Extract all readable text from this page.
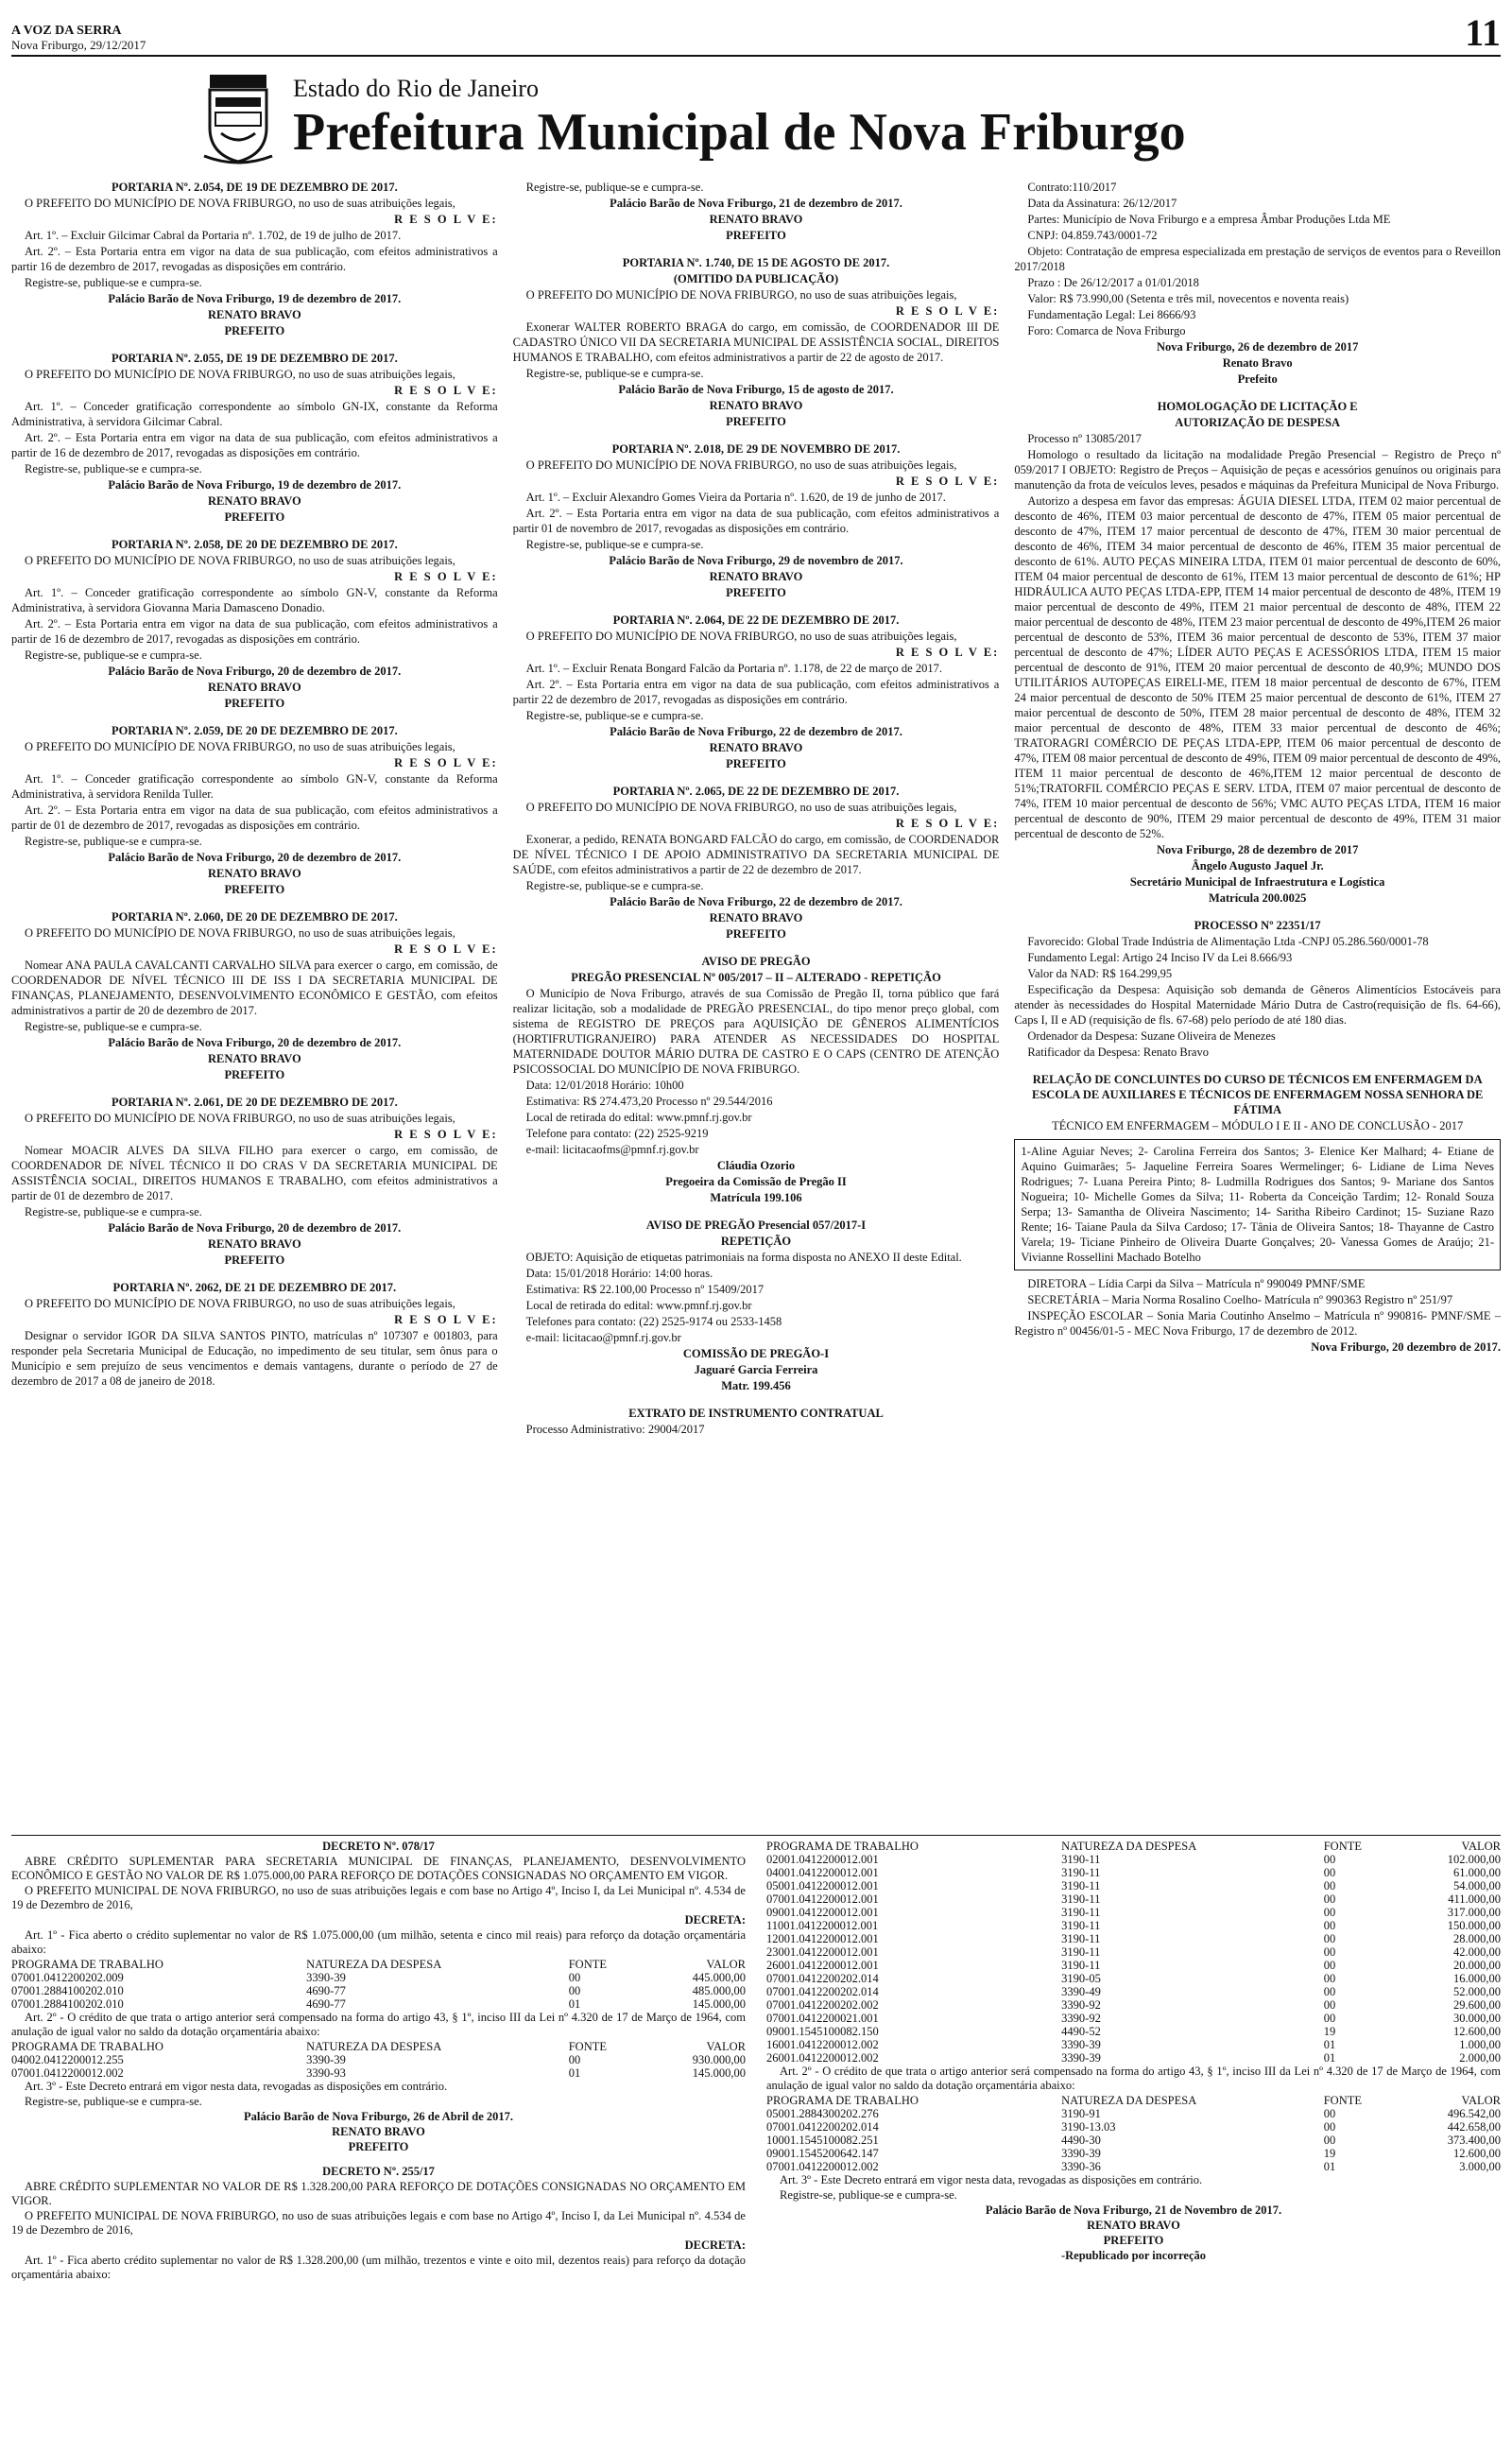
A VOZ DA SERRA
Nova Friburgo, 29/12/2017	11
Estado do Rio de Janeiro
Prefeitura Municipal de Nova Friburgo

PORTARIA Nº. 2.054, DE 19 DE DEZEMBRO DE 2017.

O PREFEITO DO MUNICÍPIO DE NOVA FRIBURGO, no uso de suas atribuições legais,

R E S O L V E:

Art. 1º. – Excluir Gilcimar Cabral da Portaria nº. 1.702, de 19 de julho de 2017.

Art. 2º. – Esta Portaria entra em vigor na data de sua publicação, com efeitos administrativos a partir 16 de dezembro de 2017, revogadas as disposições em contrário.

Registre-se, publique-se e cumpra-se.

Palácio Barão de Nova Friburgo, 19 de dezembro de 2017.

RENATO BRAVO

PREFEITO

PORTARIA Nº. 2.055, DE 19 DE DEZEMBRO DE 2017.

O PREFEITO DO MUNICÍPIO DE NOVA FRIBURGO, no uso de suas atribuições legais,

R E S O L V E:

Art. 1º. – Conceder gratificação correspondente ao símbolo GN-IX, constante da Reforma Administrativa, à servidora Gilcimar Cabral.

Art. 2º. – Esta Portaria entra em vigor na data de sua publicação, com efeitos administrativos a partir de 16 de dezembro de 2017, revogadas as disposições em contrário.

Registre-se, publique-se e cumpra-se.

Palácio Barão de Nova Friburgo, 19 de dezembro de 2017.

RENATO BRAVO

PREFEITO

PORTARIA Nº. 2.058, DE 20 DE DEZEMBRO DE 2017.

O PREFEITO DO MUNICÍPIO DE NOVA FRIBURGO, no uso de suas atribuições legais,

R E S O L V E:

Art. 1º. – Conceder gratificação correspondente ao símbolo GN-V, constante da Reforma Administrativa, à servidora Giovanna Maria Damasceno Donadio.

Art. 2º. – Esta Portaria entra em vigor na data de sua publicação, com efeitos administrativos a partir de 16 de dezembro de 2017, revogadas as disposições em contrário.

Registre-se, publique-se e cumpra-se.

Palácio Barão de Nova Friburgo, 20 de dezembro de 2017.

RENATO BRAVO

PREFEITO

PORTARIA Nº. 2.059, DE 20 DE DEZEMBRO DE 2017.

O PREFEITO DO MUNICÍPIO DE NOVA FRIBURGO, no uso de suas atribuições legais,

R E S O L V E:

Art. 1º. – Conceder gratificação correspondente ao símbolo GN-V, constante da Reforma Administrativa, à servidora Renilda Tuller.

Art. 2º. – Esta Portaria entra em vigor na data de sua publicação, com efeitos administrativos a partir de 01 de dezembro de 2017, revogadas as disposições em contrário.

Registre-se, publique-se e cumpra-se.

Palácio Barão de Nova Friburgo, 20 de dezembro de 2017.

RENATO BRAVO

PREFEITO

PORTARIA Nº. 2.060, DE 20 DE DEZEMBRO DE 2017.

O PREFEITO DO MUNICÍPIO DE NOVA FRIBURGO, no uso de suas atribuições legais,

R E S O L V E:

Nomear ANA PAULA CAVALCANTI CARVALHO SILVA para exercer o cargo, em comissão, de COORDENADOR DE NÍVEL TÉCNICO III DE ISS I DA SECRETARIA MUNICIPAL DE FINANÇAS, PLANEJAMENTO, DESENVOLVIMENTO ECONÔMICO E GESTÃO, com efeitos administrativos a partir de 20 de dezembro de 2017.

Registre-se, publique-se e cumpra-se.

Palácio Barão de Nova Friburgo, 20 de dezembro de 2017.

RENATO BRAVO

PREFEITO

PORTARIA Nº. 2.061, DE 20 DE DEZEMBRO DE 2017.

O PREFEITO DO MUNICÍPIO DE NOVA FRIBURGO, no uso de suas atribuições legais,

R E S O L V E:

Nomear MOACIR ALVES DA SILVA FILHO para exercer o cargo, em comissão, de COORDENADOR DE NÍVEL TÉCNICO II DO CRAS V DA SECRETARIA MUNICIPAL DE ASSISTÊNCIA SOCIAL, DIREITOS HUMANOS E TRABALHO, com efeitos administrativos a partir de 01 de dezembro de 2017.

Registre-se, publique-se e cumpra-se.

Palácio Barão de Nova Friburgo, 20 de dezembro de 2017.

RENATO BRAVO

PREFEITO

PORTARIA Nº. 2062, DE 21 DE DEZEMBRO DE 2017.

O PREFEITO DO MUNICÍPIO DE NOVA FRIBURGO, no uso de suas atribuições legais,

R E S O L V E:

Designar o servidor IGOR DA SILVA SANTOS PINTO, matrículas nº 107307 e 001803, para responder pela Secretaria Municipal de Educação, no impedimento de seu titular, sem ônus para o Município e sem prejuízo de seus vencimentos e demais vantagens, durante o período de 27 de dezembro de 2017 a 08 de janeiro de 2018.

Registre-se, publique-se e cumpra-se.

Palácio Barão de Nova Friburgo, 21 de dezembro de 2017.

RENATO BRAVO

PREFEITO

PORTARIA Nº. 1.740, DE 15 DE AGOSTO DE 2017.

(OMITIDO DA PUBLICAÇÃO)

O PREFEITO DO MUNICÍPIO DE NOVA FRIBURGO, no uso de suas atribuições legais,

R E S O L V E:

Exonerar WALTER ROBERTO BRAGA do cargo, em comissão, de COORDENADOR III DE CADASTRO ÚNICO VII DA SECRETARIA MUNICIPAL DE ASSISTÊNCIA SOCIAL, DIREITOS HUMANOS E TRABALHO, com efeitos administrativos a partir de 22 de agosto de 2017.

Registre-se, publique-se e cumpra-se.

Palácio Barão de Nova Friburgo, 15 de agosto de 2017.

RENATO BRAVO

PREFEITO

PORTARIA Nº. 2.018, DE 29 DE NOVEMBRO DE 2017.

O PREFEITO DO MUNICÍPIO DE NOVA FRIBURGO, no uso de suas atribuições legais,

R E S O L V E:

Art. 1º. – Excluir Alexandro Gomes Vieira da Portaria nº. 1.620, de 19 de junho de 2017.

Art. 2º. – Esta Portaria entra em vigor na data de sua publicação, com efeitos administrativos a partir 01 de novembro de 2017, revogadas as disposições em contrário.

Registre-se, publique-se e cumpra-se.

Palácio Barão de Nova Friburgo, 29 de novembro de 2017.

RENATO BRAVO

PREFEITO

PORTARIA Nº. 2.064, DE 22 DE DEZEMBRO DE 2017.

O PREFEITO DO MUNICÍPIO DE NOVA FRIBURGO, no uso de suas atribuições legais,

R E S O L V E:

Art. 1º. – Excluir Renata Bongard Falcão da Portaria nº. 1.178, de 22 de março de 2017.

Art. 2º. – Esta Portaria entra em vigor na data de sua publicação, com efeitos administrativos a partir 22 de dezembro de 2017, revogadas as disposições em contrário.

Registre-se, publique-se e cumpra-se.

Palácio Barão de Nova Friburgo, 22 de dezembro de 2017.

RENATO BRAVO

PREFEITO

PORTARIA Nº. 2.065, DE 22 DE DEZEMBRO DE 2017.

O PREFEITO DO MUNICÍPIO DE NOVA FRIBURGO, no uso de suas atribuições legais,

R E S O L V E:

Exonerar, a pedido, RENATA BONGARD FALCÃO do cargo, em comissão, de COORDENADOR DE NÍVEL TÉCNICO I DE APOIO ADMINISTRATIVO DA SECRETARIA MUNICIPAL DE SAÚDE, com efeitos administrativos a partir de 22 de dezembro de 2017.

Registre-se, publique-se e cumpra-se.

Palácio Barão de Nova Friburgo, 22 de dezembro de 2017.

RENATO BRAVO

PREFEITO

AVISO DE PREGÃO

PREGÃO PRESENCIAL Nº 005/2017 – II – ALTERADO - REPETIÇÃO

O Município de Nova Friburgo, através de sua Comissão de Pregão II, torna público que fará realizar licitação, sob a modalidade de PREGÃO PRESENCIAL, do tipo menor preço global, com sistema de REGISTRO DE PREÇOS para AQUISIÇÃO DE GÊNEROS ALIMENTÍCIOS (HORTIFRUTIGRANJEIRO) PARA ATENDER AS NECESSIDADES DO HOSPITAL MATERNIDADE DOUTOR MÁRIO DUTRA DE CASTRO E O CAPS (CENTRO DE ATENÇÃO PSICOSSOCIAL DO MUNICÍPIO DE NOVA FRIBURGO.

Data: 12/01/2018 Horário: 10h00

Estimativa: R$ 274.473,20 Processo nº 29.544/2016

Local de retirada do edital: www.pmnf.rj.gov.br

Telefone para contato: (22) 2525-9219

e-mail: licitacaofms@pmnf.rj.gov.br

Cláudia Ozorio

Pregoeira da Comissão de Pregão II

Matrícula 199.106

AVISO DE PREGÃO Presencial 057/2017-I

REPETIÇÃO

OBJETO: Aquisição de etiquetas patrimoniais na forma disposta no ANEXO II deste Edital.

Data: 15/01/2018 Horário: 14:00 horas.

Estimativa: R$ 22.100,00 Processo nº 15409/2017

Local de retirada do edital: www.pmnf.rj.gov.br

Telefones para contato: (22) 2525-9174 ou 2533-1458

e-mail: licitacao@pmnf.rj.gov.br

COMISSÃO DE PREGÃO-I

Jaguaré Garcia Ferreira

Matr. 199.456

EXTRATO DE INSTRUMENTO CONTRATUAL

Processo Administrativo: 29004/2017

Contrato:110/2017

Data da Assinatura: 26/12/2017

Partes: Município de Nova Friburgo e a empresa Âmbar Produções Ltda ME

CNPJ: 04.859.743/0001-72

Objeto: Contratação de empresa especializada em prestação de serviços de eventos para o Reveillon 2017/2018

Prazo : De 26/12/2017 a 01/01/2018

Valor: R$ 73.990,00 (Setenta e três mil, novecentos e noventa reais)

Fundamentação Legal: Lei 8666/93

Foro: Comarca de Nova Friburgo

Nova Friburgo, 26 de dezembro de 2017

Renato Bravo

Prefeito

HOMOLOGAÇÃO DE LICITAÇÃO E

AUTORIZAÇÃO DE DESPESA

Processo nº 13085/2017

Homologo o resultado da licitação na modalidade Pregão Presencial – Registro de Preço nº 059/2017 I OBJETO: Registro de Preços – Aquisição de peças e acessórios genuínos ou originais para manutenção da frota de veículos leves, pesados e máquinas da Prefeitura Municipal de Nova Friburgo.

Autorizo a despesa em favor das empresas: ÁGUIA DIESEL LTDA, ITEM 02 maior percentual de desconto de 46%, ITEM 03 maior percentual de desconto de 47%, ITEM 05 maior percentual de desconto de 47%, ITEM 17 maior percentual de desconto de 47%, ITEM 30 maior percentual de desconto de 46%, ITEM 34 maior percentual de desconto de 46%, ITEM 35 maior percentual de desconto de 61%. AUTO PEÇAS MINEIRA LTDA, ITEM 01 maior percentual de desconto de 60%, ITEM 04 maior percentual de desconto de 61%, ITEM 13 maior percentual de desconto de 61%; HP HIDRÁULICA AUTO PEÇAS LTDA-EPP, ITEM 14 maior percentual de desconto de 48%, ITEM 19 maior percentual de desconto de 49%, ITEM 21 maior percentual de desconto de 48%, ITEM 22 maior percentual de desconto de 48%, ITEM 23 maior percentual de desconto de 49%,ITEM 26 maior percentual de desconto de 53%, ITEM 36 maior percentual de desconto de 53%, ITEM 37 maior percentual de desconto de 47%; LÍDER AUTO PEÇAS E ACESSÓRIOS LTDA, ITEM 15 maior percentual de desconto de 91%, ITEM 20 maior percentual de desconto de 40,9%; MUNDO DOS UTILITÁRIOS AUTOPEÇAS EIRELI-ME, ITEM 18 maior percentual de desconto de 67%, ITEM 24 maior percentual de desconto de 50% ITEM 25 maior percentual de desconto de 61%, ITEM 27 maior percentual de desconto de 50%, ITEM 28 maior percentual de desconto de 48%, ITEM 32 maior percentual de desconto de 48%, ITEM 33 maior percentual de desconto de 46%; TRATORAGRI COMÉRCIO DE PEÇAS LTDA-EPP, ITEM 06 maior percentual de desconto de 47%, ITEM 08 maior percentual de desconto de 49%, ITEM 09 maior percentual de desconto de 49%, ITEM 11 maior percentual de desconto de 46%,ITEM 12 maior percentual de desconto de 51%;TRATORFIL COMÉRCIO PEÇAS E SERV. LTDA, ITEM 07 maior percentual de desconto de 74%, ITEM 10 maior percentual de desconto de 56%; VMC AUTO PEÇAS LTDA, ITEM 16 maior percentual de desconto de 90%, ITEM 29 maior percentual de desconto de 49%, ITEM 31 maior percentual de desconto de 52%.

Nova Friburgo, 28 de dezembro de 2017

Ângelo Augusto Jaquel Jr.

Secretário Municipal de Infraestrutura e Logística

Matrícula 200.0025

PROCESSO Nº 22351/17

Favorecido: Global Trade Indústria de Alimentação Ltda -CNPJ 05.286.560/0001-78

Fundamento Legal: Artigo 24 Inciso IV da Lei 8.666/93

Valor da NAD: R$ 164.299,95

Especificação da Despesa: Aquisição sob demanda de Gêneros Alimentícios Estocáveis para atender às necessidades do Hospital Maternidade Mário Dutra de Castro(requisição de fls. 64-66), Caps I, II e AD (requisição de fls. 67-68) pelo período de até 180 dias.

Ordenador da Despesa: Suzane Oliveira de Menezes

Ratificador da Despesa: Renato Bravo

RELAÇÃO DE CONCLUINTES DO CURSO DE TÉCNICOS EM ENFERMAGEM DA ESCOLA DE AUXILIARES E TÉCNICOS DE ENFERMAGEM NOSSA SENHORA DE FÁTIMA

TÉCNICO EM ENFERMAGEM – MÓDULO I E II - ANO DE CONCLUSÃO - 2017

1-Aline Aguiar Neves; 2- Carolina Ferreira dos Santos; 3- Elenice Ker Malhard; 4- Etiane de Aquino Guimarães; 5- Jaqueline Ferreira Soares Wermelinger; 6- Lidiane de Lima Neves Rodrigues; 7- Luana Pereira Pinto; 8- Ludmilla Rodrigues dos Santos; 9- Mariane dos Santos Nogueira; 10- Michelle Gomes da Silva; 11- Roberta da Conceição Tardim; 12- Ronald Souza Serpa; 13- Samantha de Oliveira Nascimento; 14- Saritha Ribeiro Cardinot; 15- Suziane Razo Rente; 16- Taiane Paula da Silva Cardoso; 17- Tânia de Oliveira Santos; 18- Thayanne de Castro Varela; 19- Ticiane Pinheiro de Oliveira Duarte Gonçalves; 20- Vanessa Gomes de Araújo; 21- Vivianne Rossellini Machado Botelho

DIRETORA – Lídia Carpi da Silva – Matrícula nº 990049 PMNF/SME

SECRETÁRIA – Maria Norma Rosalino Coelho- Matrícula nº 990363 Registro nº 251/97

INSPEÇÃO ESCOLAR – Sonia Maria Coutinho Anselmo – Matrícula nº 990816- PMNF/SME – Registro nº 00456/01-5 - MEC Nova Friburgo, 17 de dezembro de 2012.

Nova Friburgo, 20 dezembro de 2017.

DECRETO Nº. 078/17

ABRE CRÉDITO SUPLEMENTAR PARA SECRETARIA MUNICIPAL DE FINANÇAS, PLANEJAMENTO, DESENVOLVIMENTO ECONÔMICO E GESTÃO NO VALOR DE R$ 1.075.000,00 PARA REFORÇO DE DOTAÇÕES CONSIGNADAS NO ORÇAMENTO EM VIGOR.

O PREFEITO MUNICIPAL DE NOVA FRIBURGO, no uso de suas atribuições legais e com base no Artigo 4º, Inciso I, da Lei Municipal nº. 4.534 de 19 de Dezembro de 2016,

DECRETA:

Art. 1º - Fica aberto o crédito suplementar no valor de R$ 1.075.000,00 (um milhão, setenta e cinco mil reais) para reforço da dotação orçamentária abaixo:

PROGRAMA DE TRABALHO	NATUREZA DA DESPESA	FONTE	VALOR
07001.0412200202.009	3390-39	00	445.000,00
07001.2884100202.010	4690-77	00	485.000,00
07001.2884100202.010	4690-77	01	145.000,00

Art. 2º - O crédito de que trata o artigo anterior será compensado na forma do artigo 43, § 1º, inciso III da Lei nº 4.320 de 17 de Março de 1964, com anulação de igual valor no saldo da dotação orçamentária abaixo:

PROGRAMA DE TRABALHO	NATUREZA DA DESPESA	FONTE	VALOR
04002.0412200012.255	3390-39	00	930.000,00
07001.0412200012.002	3390-93	01	145.000,00

Art. 3º - Este Decreto entrará em vigor nesta data, revogadas as disposições em contrário.

Registre-se, publique-se e cumpra-se.

Palácio Barão de Nova Friburgo, 26 de Abril de 2017.

RENATO BRAVO

PREFEITO

DECRETO Nº. 255/17

ABRE CRÉDITO SUPLEMENTAR NO VALOR DE R$ 1.328.200,00 PARA REFORÇO DE DOTAÇÕES CONSIGNADAS NO ORÇAMENTO EM VIGOR.

O PREFEITO MUNICIPAL DE NOVA FRIBURGO, no uso de suas atribuições legais e com base no Artigo 4º, Inciso I, da Lei Municipal nº. 4.534 de 19 de Dezembro de 2016,

DECRETA:

Art. 1º - Fica aberto crédito suplementar no valor de R$ 1.328.200,00 (um milhão, trezentos e vinte e oito mil, dezentos reais) para reforço da dotação orçamentária abaixo:

PROGRAMA DE TRABALHO	NATUREZA DA DESPESA	FONTE	VALOR
02001.0412200012.001	3190-11	00	102.000,00
04001.0412200012.001	3190-11	00	61.000,00
05001.0412200012.001	3190-11	00	54.000,00
07001.0412200012.001	3190-11	00	411.000,00
09001.0412200012.001	3190-11	00	317.000,00
11001.0412200012.001	3190-11	00	150.000,00
12001.0412200012.001	3190-11	00	28.000,00
23001.0412200012.001	3190-11	00	42.000,00
26001.0412200012.001	3190-11	00	20.000,00
07001.0412200202.014	3190-05	00	16.000,00
07001.0412200202.014	3390-49	00	52.000,00
07001.0412200202.002	3390-92	00	29.600,00
07001.0412200021.001	3390-92	00	30.000,00
09001.1545100082.150	4490-52	19	12.600,00
16001.0412200012.002	3390-39	01	1.000,00
26001.0412200012.002	3390-39	01	2.000,00

Art. 2º - O crédito de que trata o artigo anterior será compensado na forma do artigo 43, § 1º, inciso III da Lei nº 4.320 de 17 de Março de 1964, com anulação de igual valor no saldo da dotação orçamentária abaixo:

PROGRAMA DE TRABALHO	NATUREZA DA DESPESA	FONTE	VALOR
05001.2884300202.276	3190-91	00	496.542,00
07001.0412200202.014	3190-13.03	00	442.658,00
10001.1545100082.251	4490-30	00	373.400,00
09001.1545200642.147	3390-39	19	12.600,00
07001.0412200012.002	3390-36	01	3.000,00

Art. 3º - Este Decreto entrará em vigor nesta data, revogadas as disposições em contrário.

Registre-se, publique-se e cumpra-se.

Palácio Barão de Nova Friburgo, 21 de Novembro de 2017.

RENATO BRAVO

PREFEITO

-Republicado por incorreção
